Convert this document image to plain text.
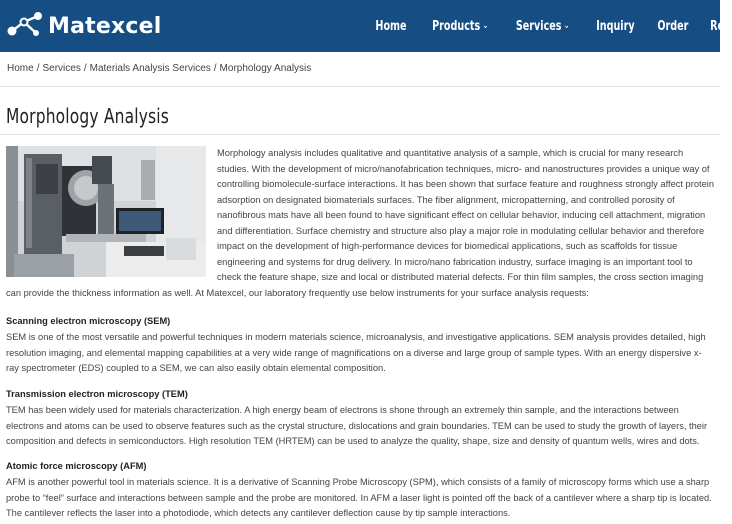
Matexcel	Home Products ⌄ Services ⌄ Inquiry Order Res
Home / Services / Materials Analysis Services / Morphology Analysis
Morphology Analysis
Morphology analysis includes qualitative and quantitative analysis of a sample, which is crucial for many research studies. With the development of micro/nanofabrication techniques, micro- and nanostructures provides a unique way of controlling biomolecule-surface interactions. It has been shown that surface feature and roughness strongly affect protein adsorption on designated biomaterials surfaces. The fiber alignment, micropatterning, and controlled porosity of nanofibrous mats have all been found to have significant effect on cellular behavior, inducing cell attachment, migration and differentiation. Surface chemistry and structure also play a major role in modulating cellular behavior and therefore impact on the development of high-performance devices for biomedical applications, such as scaffolds for tissue engineering and systems for drug delivery. In micro/nano fabrication industry, surface imaging is an important tool to check the feature shape, size and local or distributed material defects. For thin film samples, the cross section imaging can provide the thickness information as well. At Matexcel, our laboratory frequently use below instruments for your surface analysis requests:
Scanning electron microscopy (SEM)
SEM is one of the most versatile and powerful techniques in modern materials science, microanalysis, and investigative applications. SEM analysis provides detailed, high resolution imaging, and elemental mapping capabilities at a very wide range of magnifications on a diverse and large group of sample types. With an energy dispersive x-ray spectrometer (EDS) coupled to a SEM, we can also easily obtain elemental composition.
Transmission electron microscopy (TEM)
TEM has been widely used for materials characterization. A high energy beam of electrons is shone through an extremely thin sample, and the interactions between electrons and atoms can be used to observe features such as the crystal structure, dislocations and grain boundaries. TEM can be used to study the growth of layers, their composition and defects in semiconductors. High resolution TEM (HRTEM) can be used to analyze the quality, shape, size and density of quantum wells, wires and dots.
Atomic force microscopy (AFM)
AFM is another powerful tool in materials science. It is a derivative of Scanning Probe Microscopy (SPM), which consists of a family of microscopy forms which use a sharp probe to “feel” surface and interactions between sample and the probe are monitored. In AFM a laser light is pointed off the back of a cantilever where a sharp tip is located. The cantilever reflects the laser into a photodiode, which detects any cantilever deflection cause by tip sample interactions.
